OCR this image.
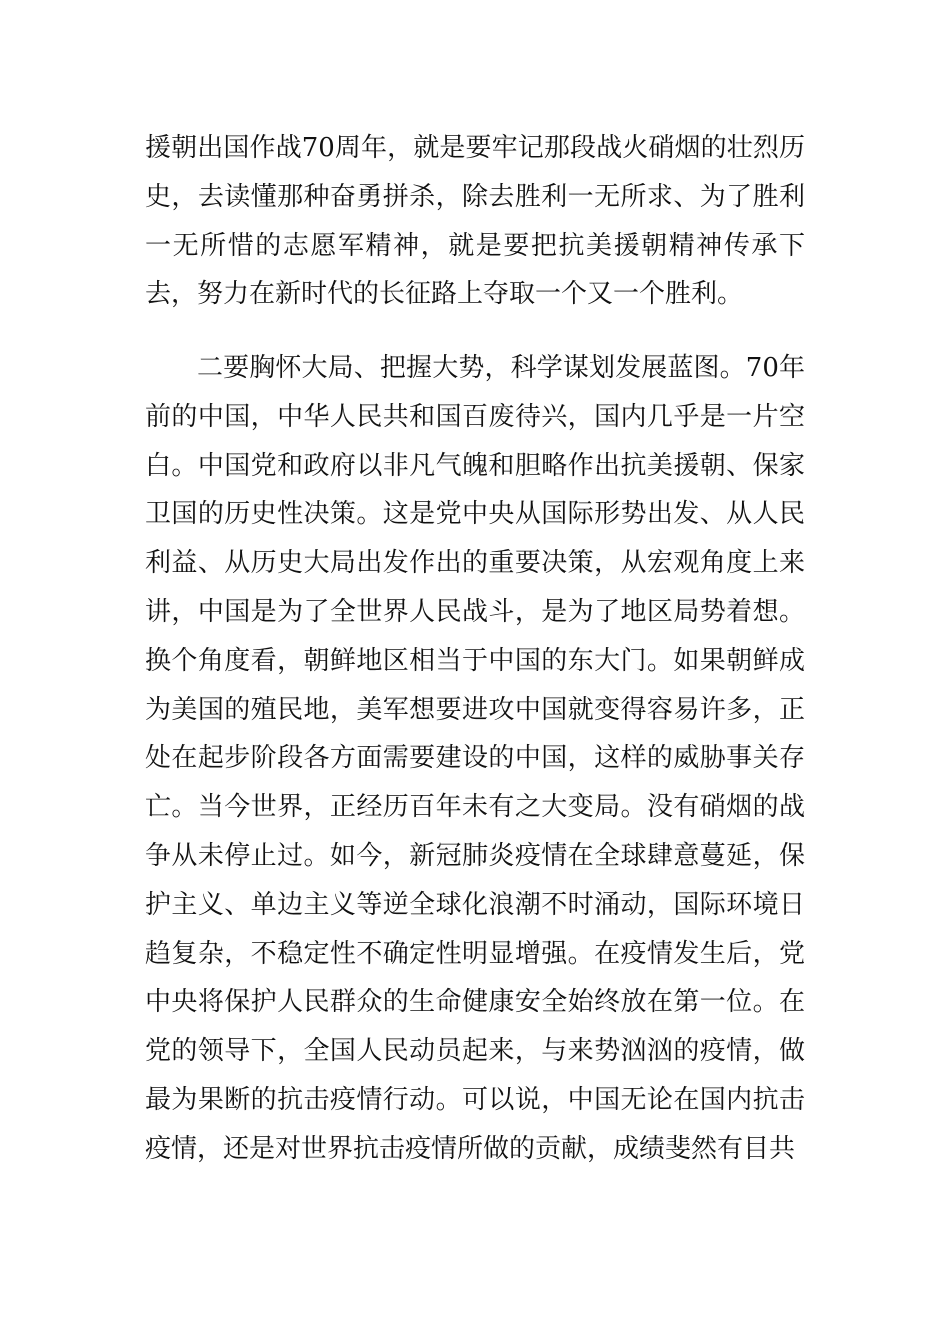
援朝出国作战70周年，就是要牢记那段战火硝烟的壮烈历史，去读懂那种奋勇拼杀，除去胜利一无所求、为了胜利一无所惜的志愿军精神，就是要把抗美援朝精神传承下去，努力在新时代的长征路上夺取一个又一个胜利。

二要胸怀大局、把握大势，科学谋划发展蓝图。70年前的中国，中华人民共和国百废待兴，国内几乎是一片空白。中国党和政府以非凡气魄和胆略作出抗美援朝、保家卫国的历史性决策。这是党中央从国际形势出发、从人民利益、从历史大局出发作出的重要决策，从宏观角度上来讲，中国是为了全世界人民战斗，是为了地区局势着想。换个角度看，朝鲜地区相当于中国的东大门。如果朝鲜成为美国的殖民地，美军想要进攻中国就变得容易许多，正处在起步阶段各方面需要建设的中国，这样的威胁事关存亡。当今世界，正经历百年未有之大变局。没有硝烟的战争从未停止过。如今，新冠肺炎疫情在全球肆意蔓延，保护主义、单边主义等逆全球化浪潮不时涌动，国际环境日趋复杂，不稳定性不确定性明显增强。在疫情发生后，党中央将保护人民群众的生命健康安全始终放在第一位。在党的领导下，全国人民动员起来，与来势汹汹的疫情，做最为果断的抗击疫情行动。可以说，中国无论在国内抗击疫情，还是对世界抗击疫情所做的贡献，成绩斐然有目共
